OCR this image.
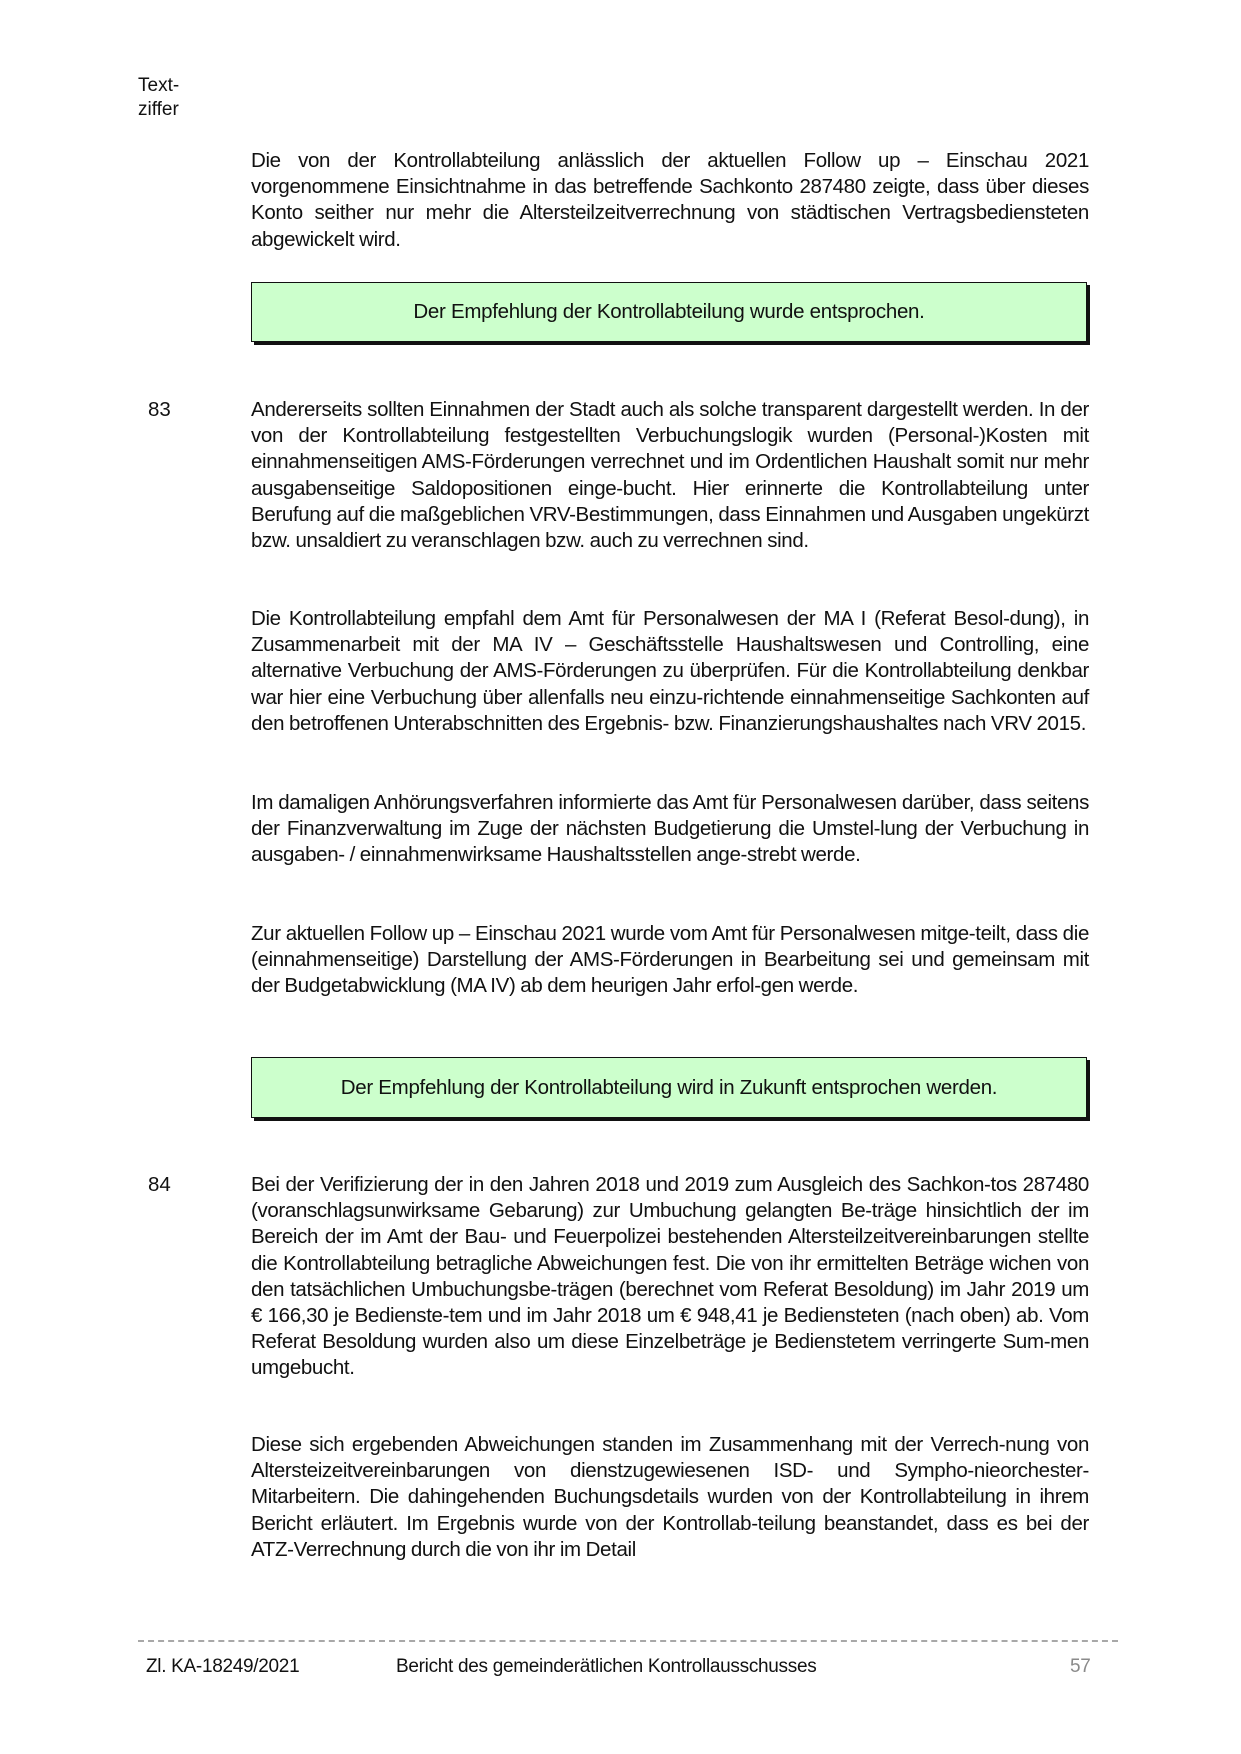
Text-
ziffer
Die von der Kontrollabteilung anlässlich der aktuellen Follow up – Einschau 2021 vorgenommene Einsichtnahme in das betreffende Sachkonto 287480 zeigte, dass über dieses Konto seither nur mehr die Altersteilzeitverrechnung von städtischen Vertragsbediensteten abgewickelt wird.
Der Empfehlung der Kontrollabteilung wurde entsprochen.
83	Andererseits sollten Einnahmen der Stadt auch als solche transparent dargestellt werden. In der von der Kontrollabteilung festgestellten Verbuchungslogik wurden (Personal-)Kosten mit einnahmenseitigen AMS-Förderungen verrechnet und im Ordentlichen Haushalt somit nur mehr ausgabenseitige Saldopositionen einge-bucht. Hier erinnerte die Kontrollabteilung unter Berufung auf die maßgeblichen VRV-Bestimmungen, dass Einnahmen und Ausgaben ungekürzt bzw. unsaldiert zu veranschlagen bzw. auch zu verrechnen sind.
Die Kontrollabteilung empfahl dem Amt für Personalwesen der MA I (Referat Besol-dung), in Zusammenarbeit mit der MA IV – Geschäftsstelle Haushaltswesen und Controlling, eine alternative Verbuchung der AMS-Förderungen zu überprüfen. Für die Kontrollabteilung denkbar war hier eine Verbuchung über allenfalls neu einzu-richtende einnahmenseitige Sachkonten auf den betroffenen Unterabschnitten des Ergebnis- bzw. Finanzierungshaushaltes nach VRV 2015.
Im damaligen Anhörungsverfahren informierte das Amt für Personalwesen darüber, dass seitens der Finanzverwaltung im Zuge der nächsten Budgetierung die Umstel-lung der Verbuchung in ausgaben- / einnahmenwirksame Haushaltsstellen ange-strebt werde.
Zur aktuellen Follow up – Einschau 2021 wurde vom Amt für Personalwesen mitge-teilt, dass die (einnahmenseitige) Darstellung der AMS-Förderungen in Bearbeitung sei und gemeinsam mit der Budgetabwicklung (MA IV) ab dem heurigen Jahr erfol-gen werde.
Der Empfehlung der Kontrollabteilung wird in Zukunft entsprochen werden.
84	Bei der Verifizierung der in den Jahren 2018 und 2019 zum Ausgleich des Sachkon-tos 287480 (voranschlagsunwirksame Gebarung) zur Umbuchung gelangten Be-träge hinsichtlich der im Bereich der im Amt der Bau- und Feuerpolizei bestehenden Altersteilzeitvereinbarungen stellte die Kontrollabteilung betragliche Abweichungen fest. Die von ihr ermittelten Beträge wichen von den tatsächlichen Umbuchungsbe-trägen (berechnet vom Referat Besoldung) im Jahr 2019 um € 166,30 je Bedienste-tem und im Jahr 2018 um € 948,41 je Bediensteten (nach oben) ab. Vom Referat Besoldung wurden also um diese Einzelbeträge je Bedienstetem verringerte Sum-men umgebucht.
Diese sich ergebenden Abweichungen standen im Zusammenhang mit der Verrech-nung von Altersteizeitvereinbarungen von dienstzugewiesenen ISD- und Sympho-nieorchester-Mitarbeitern. Die dahingehenden Buchungsdetails wurden von der Kontrollabteilung in ihrem Bericht erläutert. Im Ergebnis wurde von der Kontrollab-teilung beanstandet, dass es bei der ATZ-Verrechnung durch die von ihr im Detail
Zl. KA-18249/2021	Bericht des gemeinderätlichen Kontrollausschusses	57
